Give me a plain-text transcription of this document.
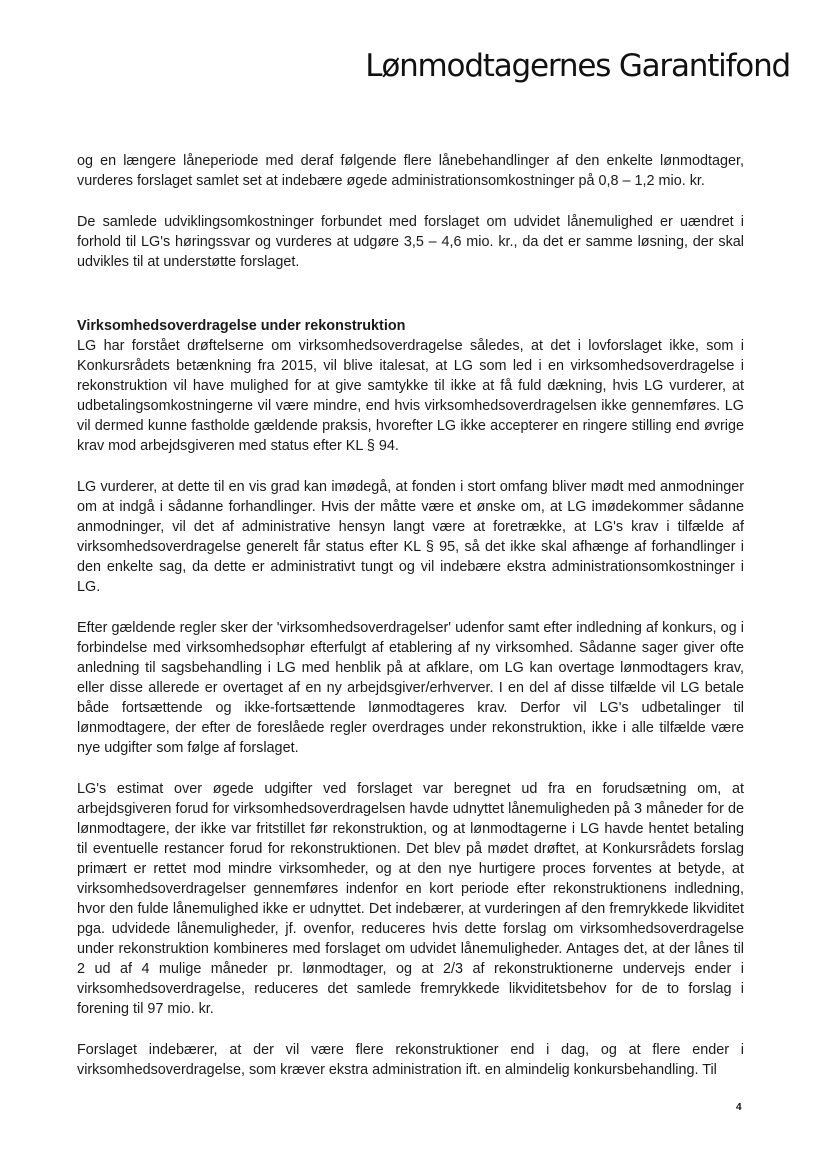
Lønmodtagernes Garantifond

og en længere låneperiode med deraf følgende flere lånebehandlinger af den enkelte lønmodtager, vurderes forslaget samlet set at indebære øgede administrationsomkostninger på 0,8 – 1,2 mio. kr.

De samlede udviklingsomkostninger forbundet med forslaget om udvidet lånemulighed er uændret i forhold til LG's høringssvar og vurderes at udgøre 3,5 – 4,6 mio. kr., da det er samme løsning, der skal udvikles til at understøtte forslaget.

Virksomhedsoverdragelse under rekonstruktion

LG har forstået drøftelserne om virksomhedsoverdragelse således, at det i lovforslaget ikke, som i Konkursrådets betænkning fra 2015, vil blive italesat, at LG som led i en virksomhedsoverdragelse i rekonstruktion vil have mulighed for at give samtykke til ikke at få fuld dækning, hvis LG vurderer, at udbetalingsomkostningerne vil være mindre, end hvis virksomhedsoverdragelsen ikke gennemføres. LG vil dermed kunne fastholde gældende praksis, hvorefter LG ikke accepterer en ringere stilling end øvrige krav mod arbejdsgiveren med status efter KL § 94.

LG vurderer, at dette til en vis grad kan imødegå, at fonden i stort omfang bliver mødt med anmodninger om at indgå i sådanne forhandlinger. Hvis der måtte være et ønske om, at LG imødekommer sådanne anmodninger, vil det af administrative hensyn langt være at foretrække, at LG's krav i tilfælde af virksomhedsoverdragelse generelt får status efter KL § 95, så det ikke skal afhænge af forhandlinger i den enkelte sag, da dette er administrativt tungt og vil indebære ekstra administrationsomkostninger i LG.

Efter gældende regler sker der 'virksomhedsoverdragelser' udenfor samt efter indledning af konkurs, og i forbindelse med virksomhedsophør efterfulgt af etablering af ny virksomhed. Sådanne sager giver ofte anledning til sagsbehandling i LG med henblik på at afklare, om LG kan overtage lønmodtagers krav, eller disse allerede er overtaget af en ny arbejdsgiver/erhverver. I en del af disse tilfælde vil LG betale både fortsættende og ikke-fortsættende lønmodtageres krav. Derfor vil LG's udbetalinger til lønmodtagere, der efter de foreslåede regler overdrages under rekonstruktion, ikke i alle tilfælde være nye udgifter som følge af forslaget.

LG's estimat over øgede udgifter ved forslaget var beregnet ud fra en forudsætning om, at arbejdsgiveren forud for virksomhedsoverdragelsen havde udnyttet lånemuligheden på 3 måneder for de lønmodtagere, der ikke var fritstillet før rekonstruktion, og at lønmodtagerne i LG havde hentet betaling til eventuelle restancer forud for rekonstruktionen. Det blev på mødet drøftet, at Konkursrådets forslag primært er rettet mod mindre virksomheder, og at den nye hurtigere proces forventes at betyde, at virksomhedsoverdragelser gennemføres indenfor en kort periode efter rekonstruktionens indledning, hvor den fulde lånemulighed ikke er udnyttet. Det indebærer, at vurderingen af den fremrykkede likviditet pga. udvidede lånemuligheder, jf. ovenfor, reduceres hvis dette forslag om virksomhedsoverdragelse under rekonstruktion kombineres med forslaget om udvidet lånemuligheder. Antages det, at der lånes til 2 ud af 4 mulige måneder pr. lønmodtager, og at 2/3 af rekonstruktionerne undervejs ender i virksomhedsoverdragelse, reduceres det samlede fremrykkede likviditetsbehov for de to forslag i forening til 97 mio. kr.

Forslaget indebærer, at der vil være flere rekonstruktioner end i dag, og at flere ender i virksomhedsoverdragelse, som kræver ekstra administration ift. en almindelig konkursbehandling. Til

4
